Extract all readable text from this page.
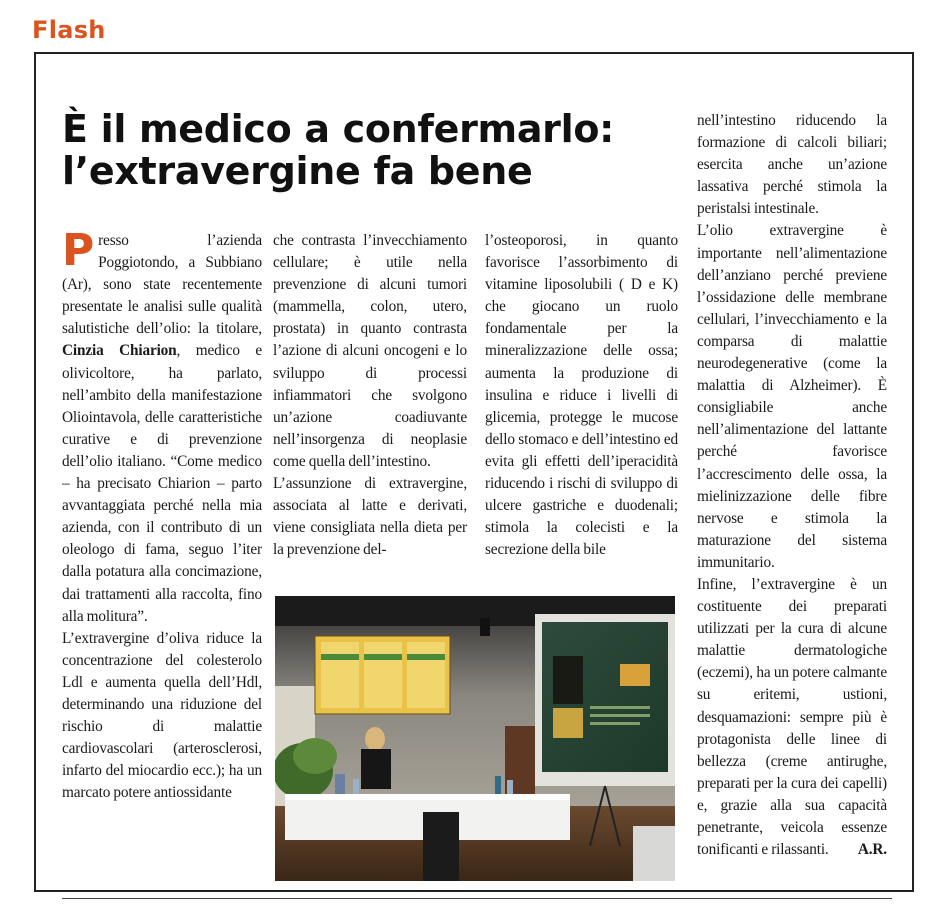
Flash
È il medico a confermarlo:
l’extravergine fa bene

Presso l’azienda Poggiotondo, a Subbiano (Ar), sono state recentemente presentate le analisi sulle qualità salutistiche dell’olio: la titolare, Cinzia Chiarion, medico e olivicoltore, ha parlato, nell’ambito della manifestazione Oliointavola, delle caratteristiche curative e di prevenzione dell’olio italiano. “Come medico – ha precisato Chiarion – parto avvantaggiata perché nella mia azienda, con il contributo di un oleologo di fama, seguo l’iter dalla potatura alla concimazione, dai trattamenti alla raccolta, fino alla molitura”.

L’extravergine d’oliva riduce la concentrazione del colesterolo Ldl e aumenta quella dell’Hdl, determinando una riduzione del rischio di malattie cardiovascolari (arterosclerosi, infarto del miocardio ecc.); ha un marcato potere antiossidante

che contrasta l’invecchiamento cellulare; è utile nella prevenzione di alcuni tumori (mammella, colon, utero, prostata) in quanto contrasta l’azione di alcuni oncogeni e lo sviluppo di processi infiammatori che svolgono un’azione coadiuvante nell’insorgenza di neoplasie come quella dell’intestino.

L’assunzione di extravergine, associata al latte e derivati, viene consigliata nella dieta per la prevenzione del-

l’osteoporosi, in quanto favorisce l’assorbimento di vitamine liposolubili ( D e K) che giocano un ruolo fondamentale per la mineralizzazione delle ossa; aumenta la produzione di insulina e riduce i livelli di glicemia, protegge le mucose dello stomaco e dell’intestino ed evita gli effetti dell’iperacidità riducendo i rischi di sviluppo di ulcere gastriche e duodenali; stimola la colecisti e la secrezione della bile

nell’intestino riducendo la formazione di calcoli biliari; esercita anche un’azione lassativa perché stimola la peristalsi intestinale.

L’olio extravergine è importante nell’alimentazione dell’anziano perché previene l’ossidazione delle membrane cellulari, l’invecchiamento e la comparsa di malattie neurodegenerative (come la malattia di Alzheimer). È consigliabile anche nell’alimentazione del lattante perché favorisce l’accrescimento delle ossa, la mielinizzazione delle fibre nervose e stimola la maturazione del sistema immunitario.

Infine, l’extravergine è un costituente dei preparati utilizzati per la cura di alcune malattie dermatologiche (eczemi), ha un potere calmante su eritemi, ustioni, desquamazioni: sempre più è protagonista delle linee di bellezza (creme antirughe, preparati per la cura dei capelli) e, grazie alla sua capacità penetrante, veicola essenze tonificanti e rilassanti. A.R.
